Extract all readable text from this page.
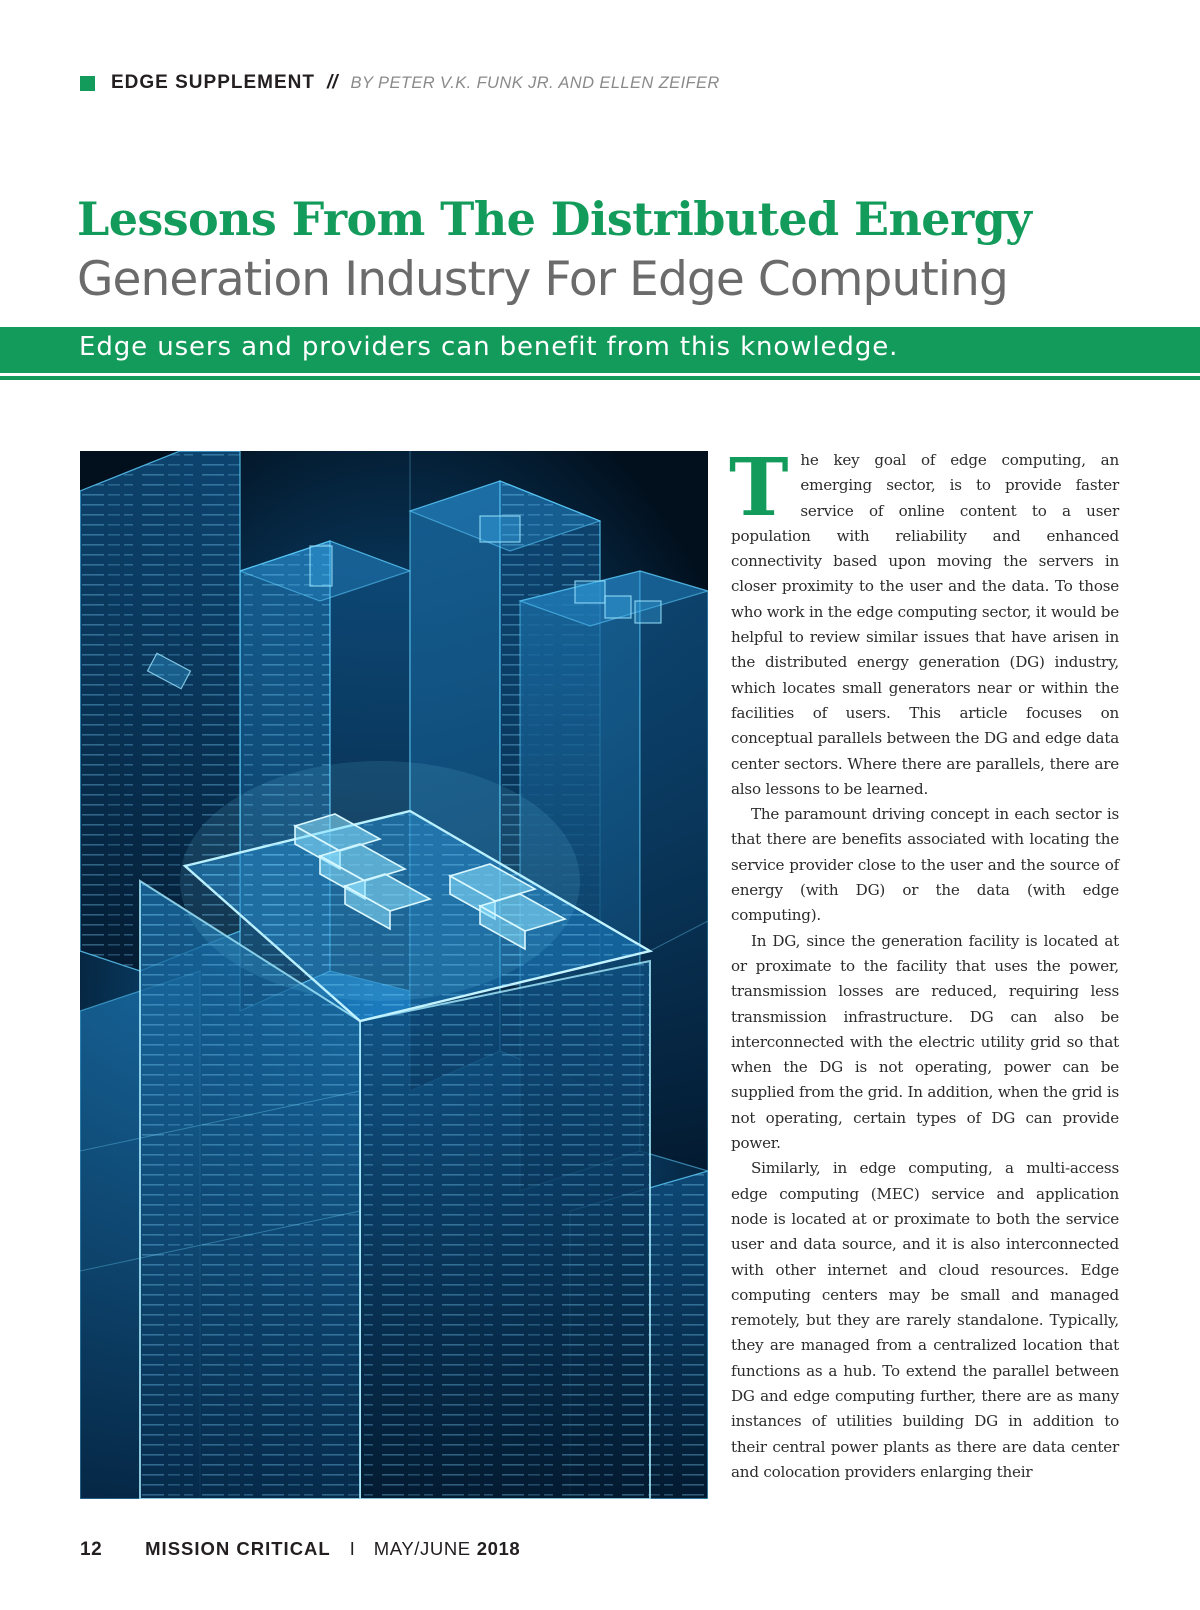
EDGE SUPPLEMENT // BY PETER V.K. FUNK JR. AND ELLEN ZEIFER
Lessons From The Distributed Energy
Generation Industry For Edge Computing
Edge users and providers can benefit from this knowledge.
T he key goal of edge computing, an emerging sector, is to provide faster service of online content to a user population with reliability and enhanced connectivity based upon moving the servers in closer proximity to the user and the data. To those who work in the edge computing sector, it would be helpful to review similar issues that have arisen in the distributed energy generation (DG) industry, which locates small generators near or within the facilities of users. This article focuses on conceptual parallels between the DG and edge data center sectors. Where there are parallels, there are also lessons to be learned.

The paramount driving concept in each sector is that there are benefits associated with locating the service provider close to the user and the source of energy (with DG) or the data (with edge computing).

In DG, since the generation facility is located at or proximate to the facility that uses the power, transmission losses are reduced, requiring less transmission infrastructure. DG can also be interconnected with the electric utility grid so that when the DG is not operating, power can be supplied from the grid. In addition, when the grid is not operating, certain types of DG can provide power.

Similarly, in edge computing, a multi-access edge computing (MEC) service and application node is located at or proximate to both the service user and data source, and it is also interconnected with other internet and cloud resources. Edge computing centers may be small and managed remotely, but they are rarely standalone. Typically, they are managed from a centralized location that functions as a hub. To extend the parallel between DG and edge computing further, there are as many instances of utilities building DG in addition to their central power plants as there are data center and colocation providers enlarging their

12 MISSION CRITICAL I MAY/JUNE 2018
